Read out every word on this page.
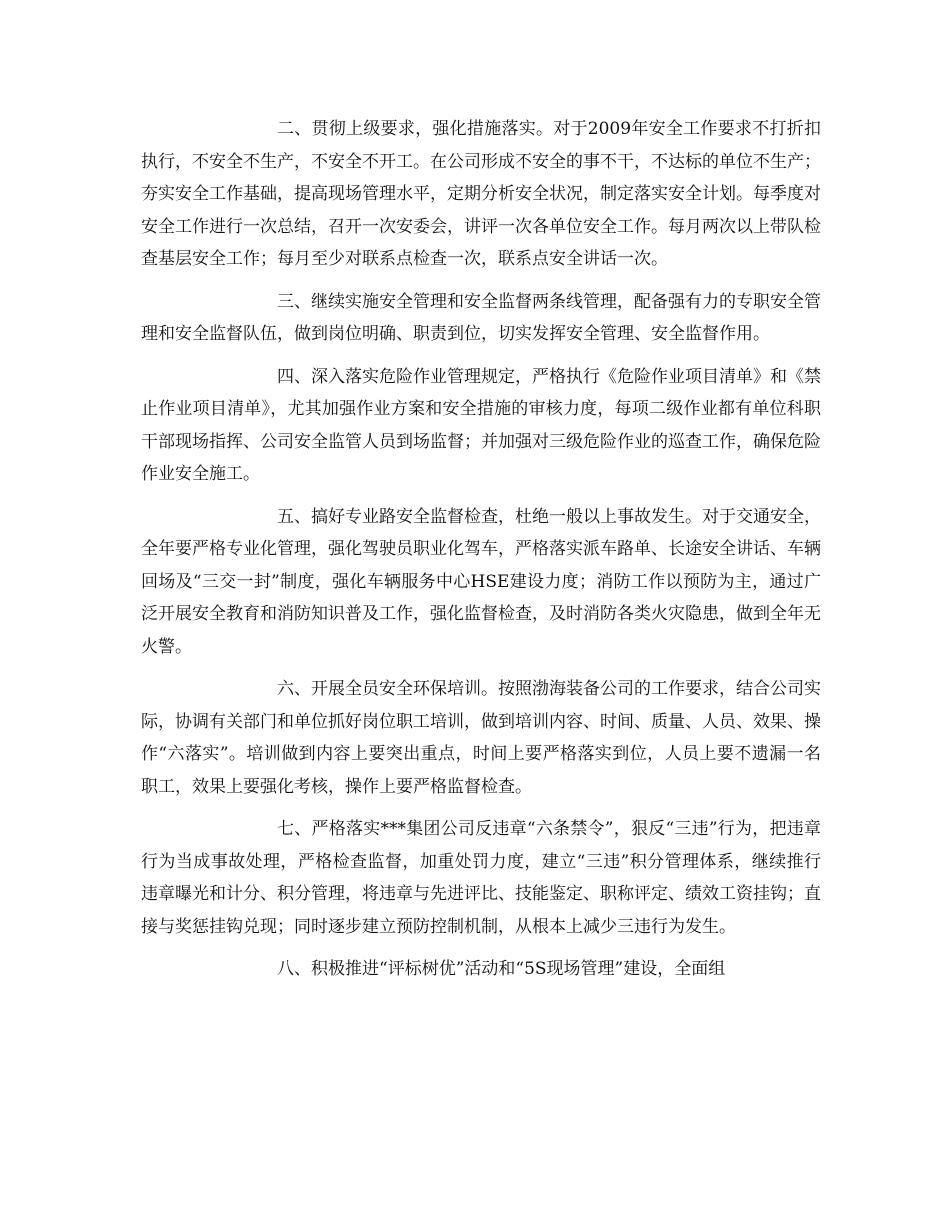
二、贯彻上级要求，强化措施落实。对于2009年安全工作要求不打折扣执行，不安全不生产，不安全不开工。在公司形成不安全的事不干，不达标的单位不生产；夯实安全工作基础，提高现场管理水平，定期分析安全状况，制定落实安全计划。每季度对安全工作进行一次总结，召开一次安委会，讲评一次各单位安全工作。每月两次以上带队检查基层安全工作；每月至少对联系点检查一次，联系点安全讲话一次。

三、继续实施安全管理和安全监督两条线管理，配备强有力的专职安全管理和安全监督队伍，做到岗位明确、职责到位，切实发挥安全管理、安全监督作用。

四、深入落实危险作业管理规定，严格执行《危险作业项目清单》和《禁止作业项目清单》，尤其加强作业方案和安全措施的审核力度，每项二级作业都有单位科职干部现场指挥、公司安全监管人员到场监督；并加强对三级危险作业的巡查工作，确保危险作业安全施工。

五、搞好专业路安全监督检查，杜绝一般以上事故发生。对于交通安全，全年要严格专业化管理，强化驾驶员职业化驾车，严格落实派车路单、长途安全讲话、车辆回场及“三交一封”制度，强化车辆服务中心HSE建设力度；消防工作以预防为主，通过广泛开展安全教育和消防知识普及工作，强化监督检查，及时消防各类火灾隐患，做到全年无火警。

六、开展全员安全环保培训。按照渤海装备公司的工作要求，结合公司实际，协调有关部门和单位抓好岗位职工培训，做到培训内容、时间、质量、人员、效果、操作“六落实”。培训做到内容上要突出重点，时间上要严格落实到位，人员上要不遗漏一名职工，效果上要强化考核，操作上要严格监督检查。

七、严格落实***集团公司反违章“六条禁令”，狠反“三违”行为，把违章行为当成事故处理，严格检查监督，加重处罚力度，建立“三违”积分管理体系，继续推行违章曝光和计分、积分管理，将违章与先进评比、技能鉴定、职称评定、绩效工资挂钩；直接与奖惩挂钩兑现；同时逐步建立预防控制机制，从根本上减少三违行为发生。

八、积极推进“评标树优”活动和“5S现场管理”建设，全面组
